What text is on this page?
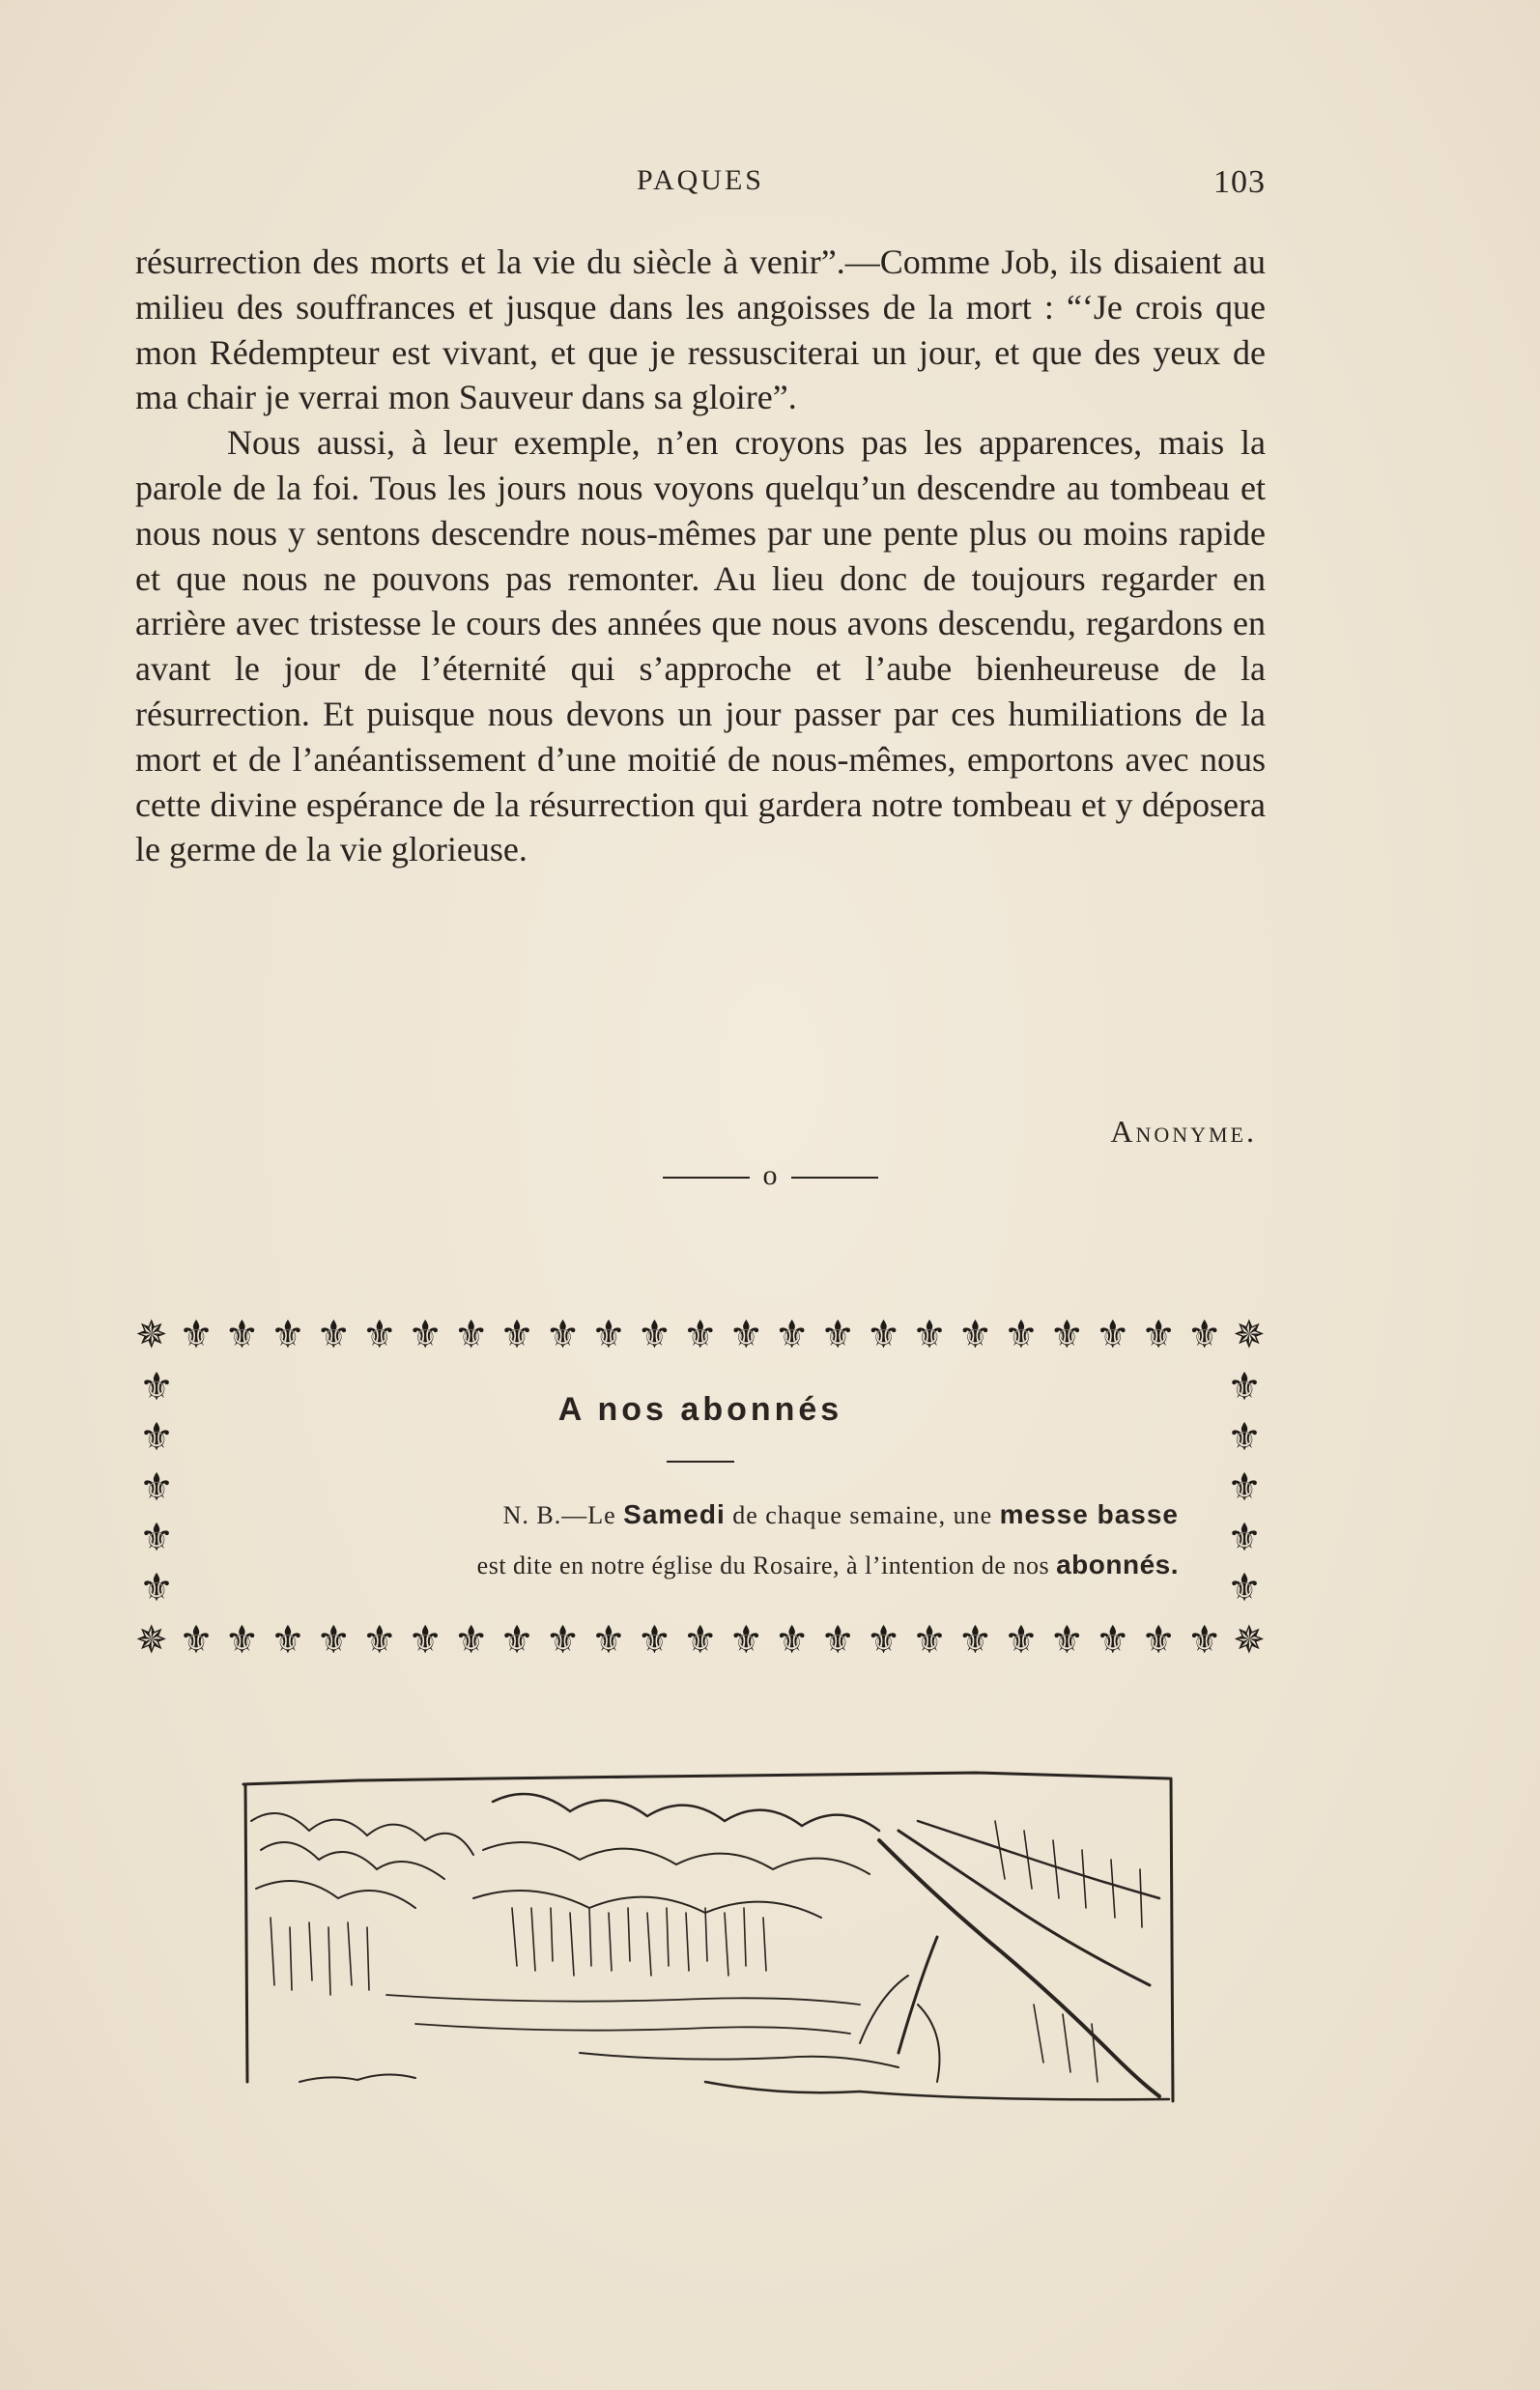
PAQUES	103

résurrection des morts et la vie du siècle à venir”.—Comme Job, ils disaient au milieu des souffrances et jusque dans les angoisses de la mort : “‘Je crois que mon Rédempteur est vivant, et que je ressusciterai un jour, et que des yeux de ma chair je verrai mon Sauveur dans sa gloire”.

Nous aussi, à leur exemple, n’en croyons pas les apparences, mais la parole de la foi. Tous les jours nous voyons quelqu’un descendre au tombeau et nous nous y sentons descendre nous-mêmes par une pente plus ou moins rapide et que nous ne pouvons pas remonter. Au lieu donc de toujours regarder en arrière avec tristesse le cours des années que nous avons descendu, regardons en avant le jour de l’éternité qui s’approche et l’aube bienheureuse de la résurrection. Et puisque nous devons un jour passer par ces humiliations de la mort et de l’anéantissement d’une moitié de nous-mêmes, emportons avec nous cette divine espérance de la résurrection qui gardera notre tombeau et y déposera le germe de la vie glorieuse.

Anonyme.
o
✵ ⚜ ⚜ ⚜ ⚜ ⚜ ⚜ ⚜ ⚜ ⚜ ⚜ ⚜ ⚜ ⚜ ⚜ ⚜ ⚜ ⚜ ⚜ ⚜ ⚜ ⚜ ⚜ ⚜ ✵
⚜
⚜
⚜
⚜
⚜
⚜
⚜
⚜
⚜
⚜
✵ ⚜ ⚜ ⚜ ⚜ ⚜ ⚜ ⚜ ⚜ ⚜ ⚜ ⚜ ⚜ ⚜ ⚜ ⚜ ⚜ ⚜ ⚜ ⚜ ⚜ ⚜ ⚜ ⚜ ✵
A nos abonnés
N. B.—Le Samedi de chaque semaine, une messe basse
est dite en notre église du Rosaire, à l’intention de nos abonnés.
